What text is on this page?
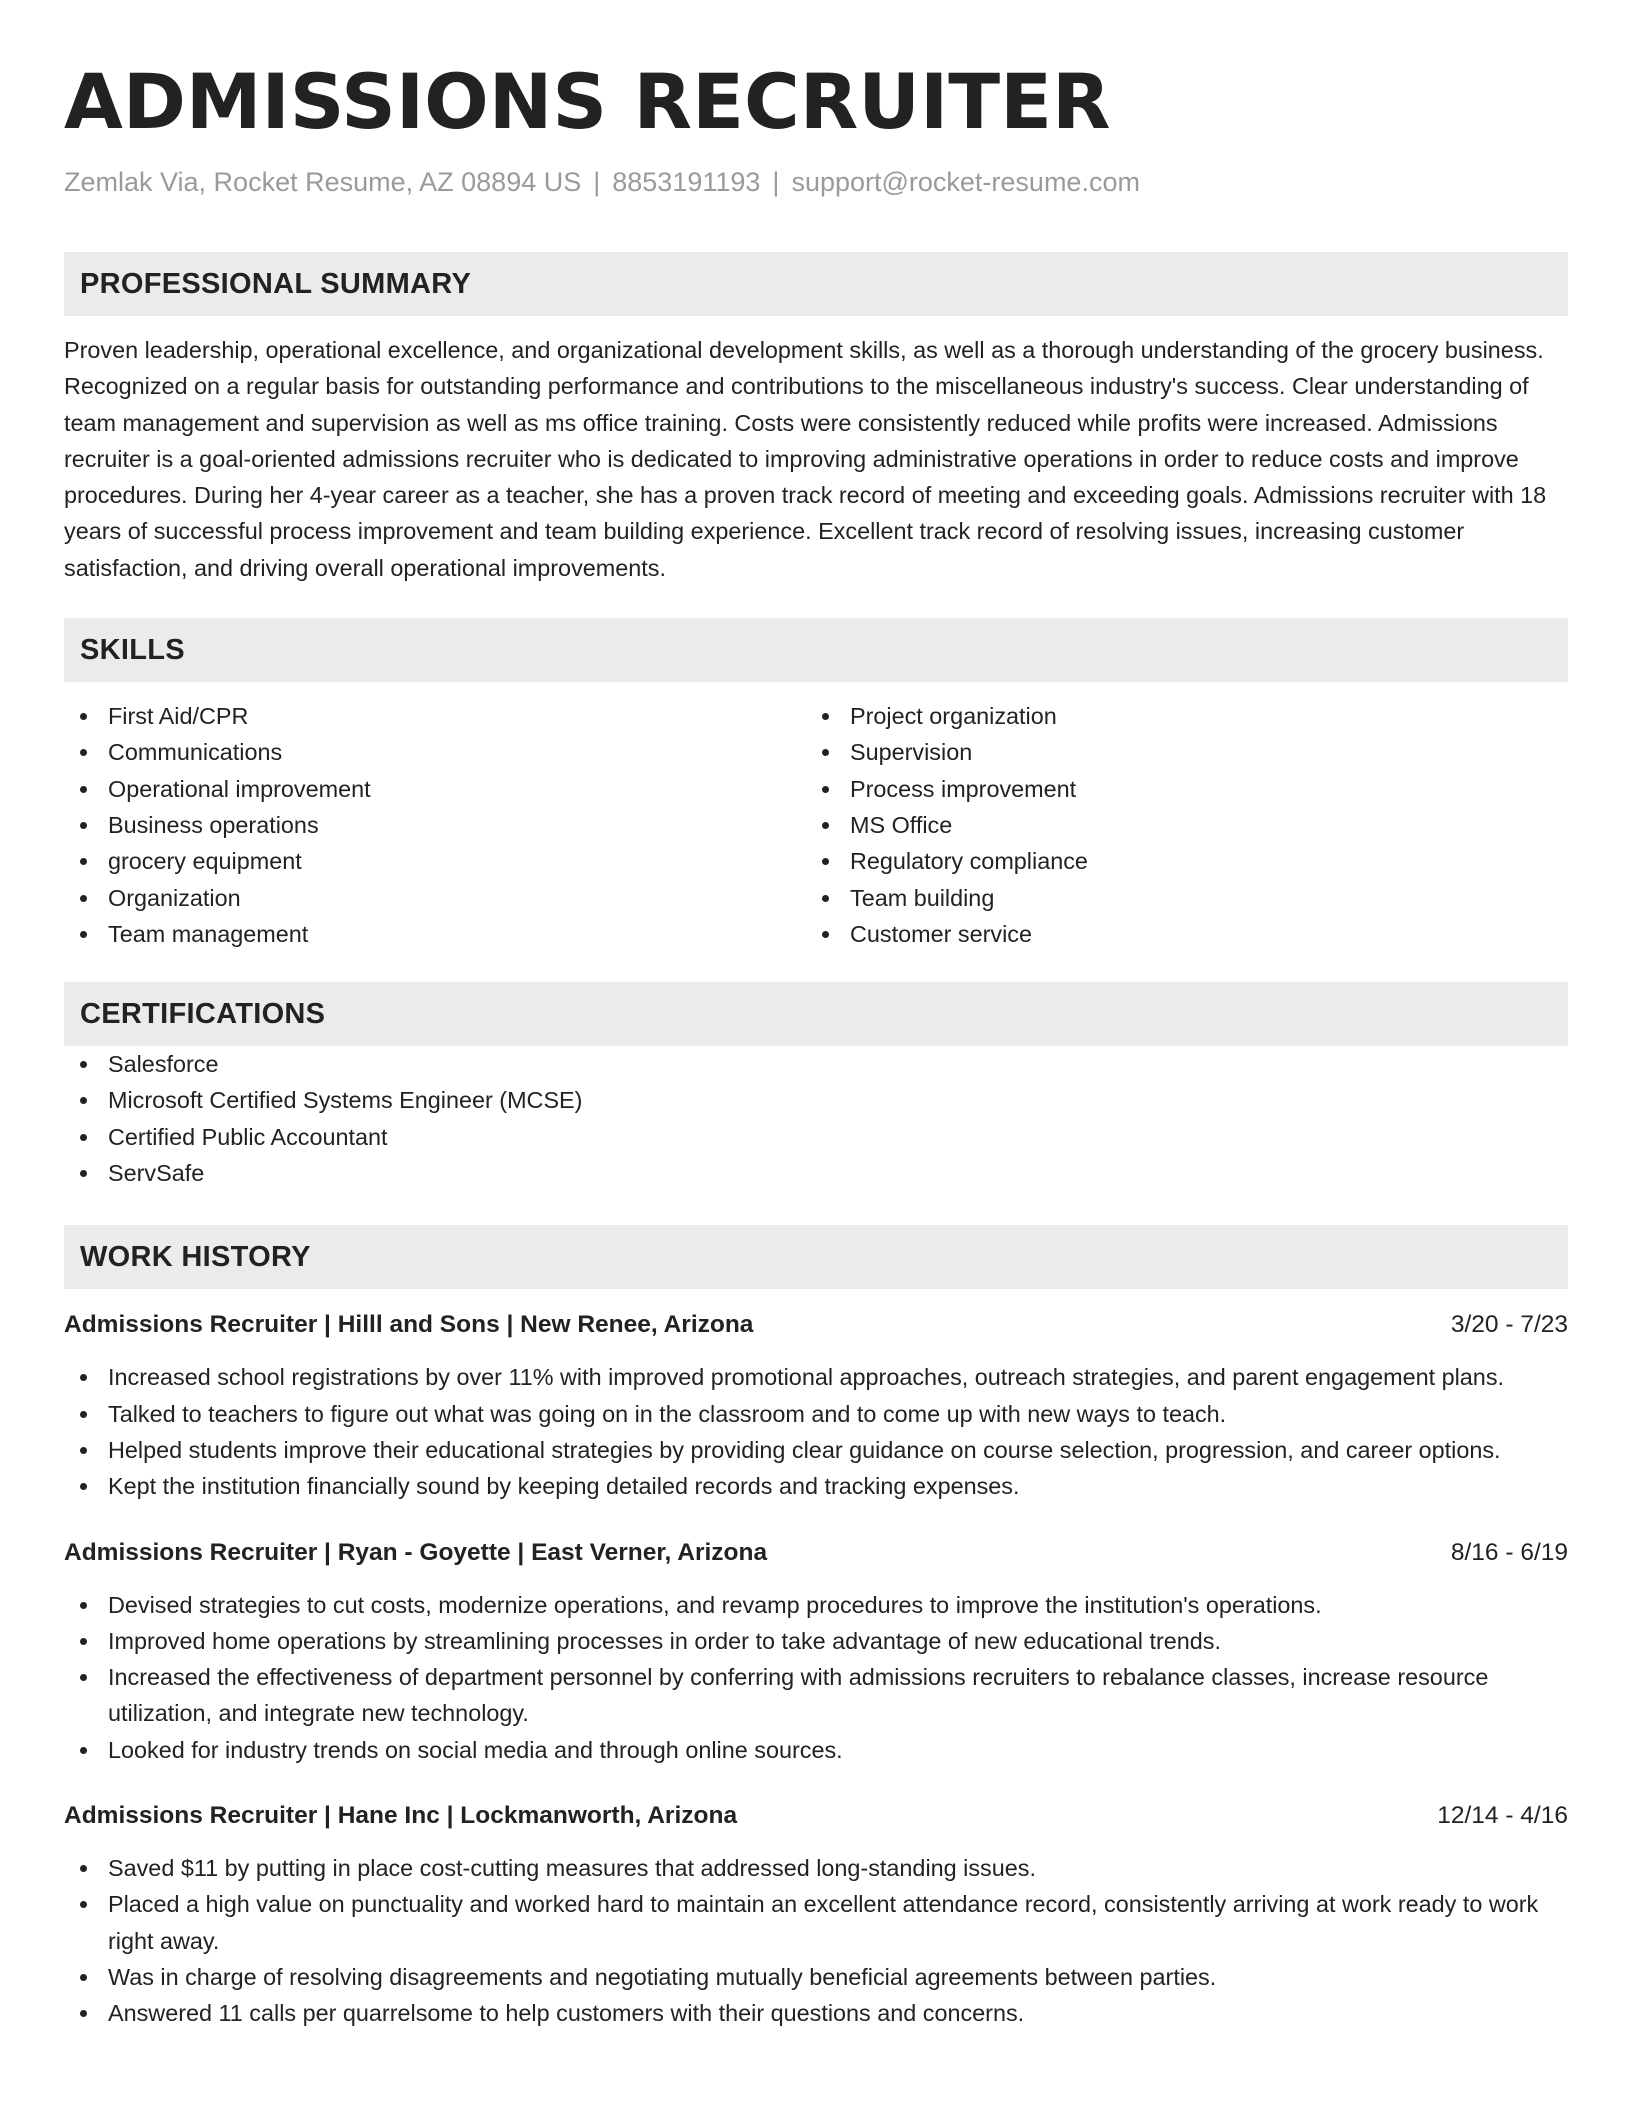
ADMISSIONS RECRUITER
Zemlak Via, Rocket Resume, AZ 08894 US | 8853191193 | support@rocket-resume.com
PROFESSIONAL SUMMARY
Proven leadership, operational excellence, and organizational development skills, as well as a thorough understanding of the grocery business. Recognized on a regular basis for outstanding performance and contributions to the miscellaneous industry's success. Clear understanding of team management and supervision as well as ms office training. Costs were consistently reduced while profits were increased. Admissions recruiter is a goal-oriented admissions recruiter who is dedicated to improving administrative operations in order to reduce costs and improve procedures. During her 4-year career as a teacher, she has a proven track record of meeting and exceeding goals. Admissions recruiter with 18 years of successful process improvement and team building experience. Excellent track record of resolving issues, increasing customer satisfaction, and driving overall operational improvements.
SKILLS
First Aid/CPR
Communications
Operational improvement
Business operations
grocery equipment
Organization
Team management
Project organization
Supervision
Process improvement
MS Office
Regulatory compliance
Team building
Customer service
CERTIFICATIONS
Salesforce
Microsoft Certified Systems Engineer (MCSE)
Certified Public Accountant
ServSafe
WORK HISTORY
Admissions Recruiter | Hilll and Sons | New Renee, Arizona	3/20 - 7/23
Increased school registrations by over 11% with improved promotional approaches, outreach strategies, and parent engagement plans.
Talked to teachers to figure out what was going on in the classroom and to come up with new ways to teach.
Helped students improve their educational strategies by providing clear guidance on course selection, progression, and career options.
Kept the institution financially sound by keeping detailed records and tracking expenses.
Admissions Recruiter | Ryan - Goyette | East Verner, Arizona	8/16 - 6/19
Devised strategies to cut costs, modernize operations, and revamp procedures to improve the institution's operations.
Improved home operations by streamlining processes in order to take advantage of new educational trends.
Increased the effectiveness of department personnel by conferring with admissions recruiters to rebalance classes, increase resource utilization, and integrate new technology.
Looked for industry trends on social media and through online sources.
Admissions Recruiter | Hane Inc | Lockmanworth, Arizona	12/14 - 4/16
Saved $11 by putting in place cost-cutting measures that addressed long-standing issues.
Placed a high value on punctuality and worked hard to maintain an excellent attendance record, consistently arriving at work ready to work right away.
Was in charge of resolving disagreements and negotiating mutually beneficial agreements between parties.
Answered 11 calls per quarrelsome to help customers with their questions and concerns.
